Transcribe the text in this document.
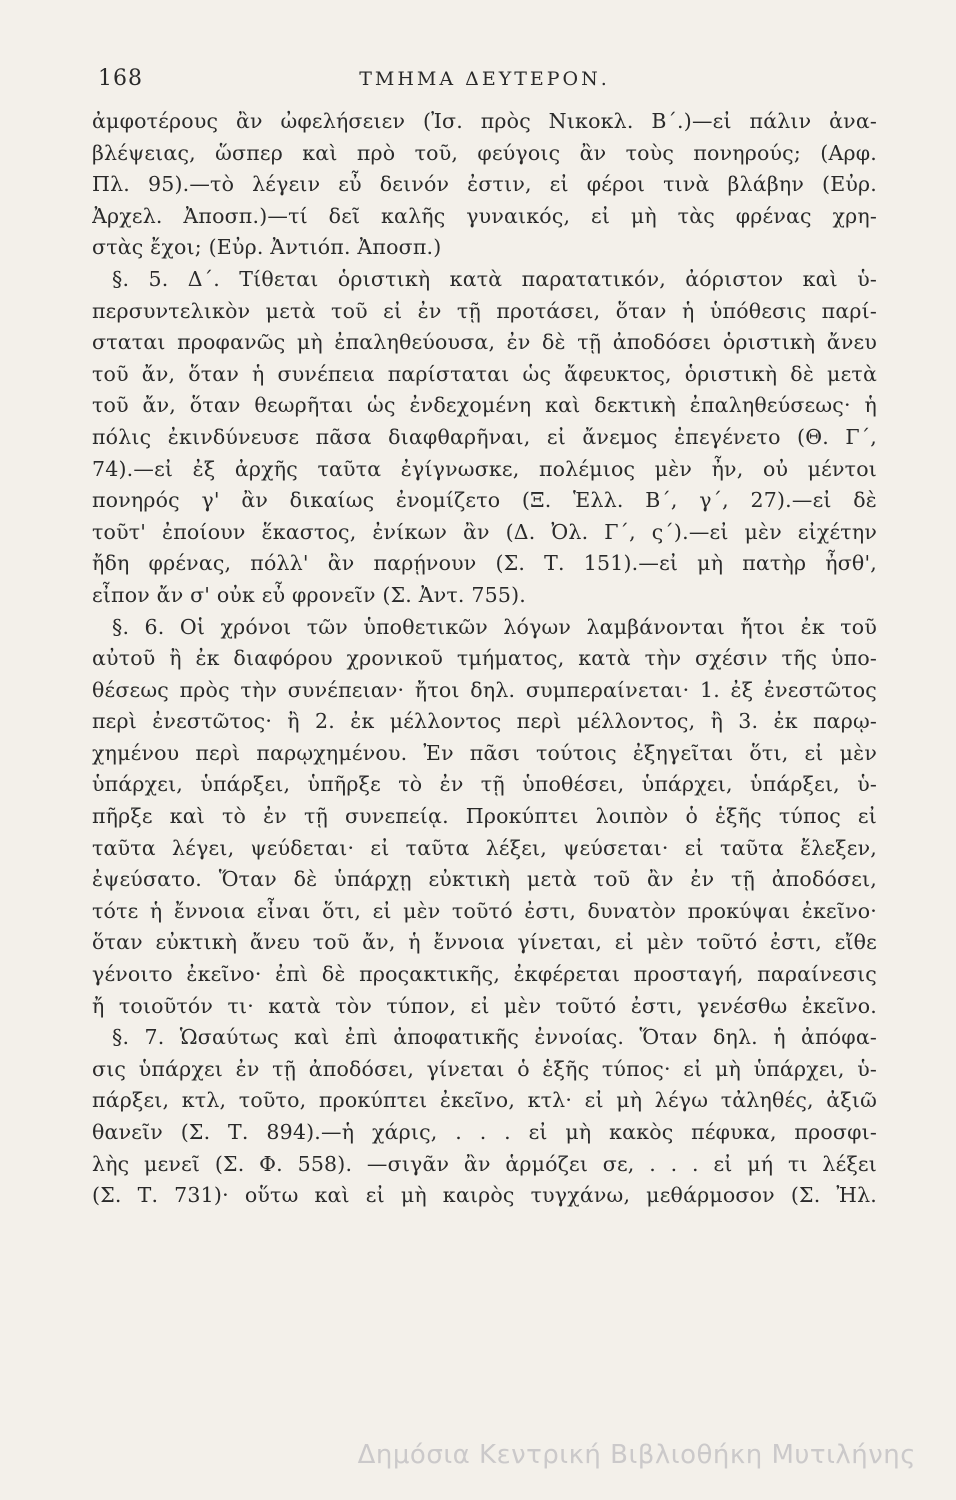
168	ΤΜΗΜΑ ΔΕΥΤΕΡΟΝ.
ἀμφοτέρους ἂν ὠφελήσειεν (Ἰσ. πρὸς Νικοκλ. Β΄.)—εἰ πάλιν ἀνα-
βλέψειας, ὥσπερ καὶ πρὸ τοῦ, φεύγοις ἂν τοὺς πονηρούς; (Αρφ.
Πλ. 95).—τὸ λέγειν εὖ δεινόν ἐστιν, εἰ φέροι τινὰ βλάβην (Εὐρ.
Ἀρχελ. Ἀποσπ.)—τί δεῖ καλῆς γυναικός, εἰ μὴ τὰς φρένας χρη-
στὰς ἔχοι; (Εὐρ. Ἀντιόπ. Ἀποσπ.)
§. 5. Δ΄. Τίθεται ὁριστικὴ κατὰ παρατατικόν, ἀόριστον καὶ ὑ-
περσυντελικὸν μετὰ τοῦ εἰ ἐν τῇ προτάσει, ὅταν ἡ ὑπόθεσις παρί-
σταται προφανῶς μὴ ἐπαληθεύουσα, ἐν δὲ τῇ ἀποδόσει ὁριστικὴ ἄνευ
τοῦ ἄν, ὅταν ἡ συνέπεια παρίσταται ὡς ἄφευκτος, ὁριστικὴ δὲ μετὰ
τοῦ ἄν, ὅταν θεωρῆται ὡς ἐνδεχομένη καὶ δεκτικὴ ἐπαληθεύσεως· ἡ
πόλις ἐκινδύνευσε πᾶσα διαφθαρῆναι, εἰ ἄνεμος ἐπεγένετο (Θ. Γ΄,
74).—εἰ ἐξ ἀρχῆς ταῦτα ἐγίγνωσκε, πολέμιος μὲν ἦν, οὐ μέντοι
πονηρός γ' ἂν δικαίως ἐνομίζετο (Ξ. Ἑλλ. Β΄, γ΄, 27).—εἰ δὲ
τοῦτ' ἐποίουν ἕκαστος, ἐνίκων ἂν (Δ. Ὀλ. Γ΄, ς΄).—εἰ μὲν εἰχέτην
ἤδη φρένας, πόλλ' ἂν παρῄνουν (Σ. Τ. 151).—εἰ μὴ πατὴρ ἦσθ',
εἶπον ἄν σ' οὐκ εὖ φρονεῖν (Σ. Ἀντ. 755).
§. 6. Οἱ χρόνοι τῶν ὑποθετικῶν λόγων λαμβάνονται ἤτοι ἐκ τοῦ
αὐτοῦ ἢ ἐκ διαφόρου χρονικοῦ τμήματος, κατὰ τὴν σχέσιν τῆς ὑπο-
θέσεως πρὸς τὴν συνέπειαν· ἤτοι δηλ. συμπεραίνεται· 1. ἐξ ἐνεστῶτος
περὶ ἐνεστῶτος· ἢ 2. ἐκ μέλλοντος περὶ μέλλοντος, ἢ 3. ἐκ παρῳ-
χημένου περὶ παρῳχημένου. Ἐν πᾶσι τούτοις ἐξηγεῖται ὅτι, εἰ μὲν
ὑπάρχει, ὑπάρξει, ὑπῆρξε τὸ ἐν τῇ ὑποθέσει, ὑπάρχει, ὑπάρξει, ὑ-
πῆρξε καὶ τὸ ἐν τῇ συνεπείᾳ. Προκύπτει λοιπὸν ὁ ἑξῆς τύπος εἰ
ταῦτα λέγει, ψεύδεται· εἰ ταῦτα λέξει, ψεύσεται· εἰ ταῦτα ἔλεξεν,
ἐψεύσατο. Ὅταν δὲ ὑπάρχῃ εὐκτικὴ μετὰ τοῦ ἂν ἐν τῇ ἀποδόσει,
τότε ἡ ἔννοια εἶναι ὅτι, εἰ μὲν τοῦτό ἐστι, δυνατὸν προκύψαι ἐκεῖνο·
ὅταν εὐκτικὴ ἄνευ τοῦ ἄν, ἡ ἔννοια γίνεται, εἰ μὲν τοῦτό ἐστι, εἴθε
γένοιτο ἐκεῖνο· ἐπὶ δὲ προςακτικῆς, ἐκφέρεται προσταγή, παραίνεσις
ἤ τοιοῦτόν τι· κατὰ τὸν τύπον, εἰ μὲν τοῦτό ἐστι, γενέσθω ἐκεῖνο.
§. 7. Ὡσαύτως καὶ ἐπὶ ἀποφατικῆς ἐννοίας. Ὅταν δηλ. ἡ ἀπόφα-
σις ὑπάρχει ἐν τῇ ἀποδόσει, γίνεται ὁ ἑξῆς τύπος· εἰ μὴ ὑπάρχει, ὑ-
πάρξει, κτλ, τοῦτο, προκύπτει ἐκεῖνο, κτλ· εἰ μὴ λέγω τἀληθές, ἀξιῶ
θανεῖν (Σ. Τ. 894).—ἡ χάρις, . . . εἰ μὴ κακὸς πέφυκα, προσφι-
λὴς μενεῖ (Σ. Φ. 558). —σιγᾶν ἂν ἁρμόζει σε, . . . εἰ μή τι λέξει
(Σ. Τ. 731)· οὕτω καὶ εἰ μὴ καιρὸς τυγχάνω, μεθάρμοσον (Σ. Ἠλ.
Δημόσια Κεντρική Βιβλιοθήκη Μυτιλήνης
